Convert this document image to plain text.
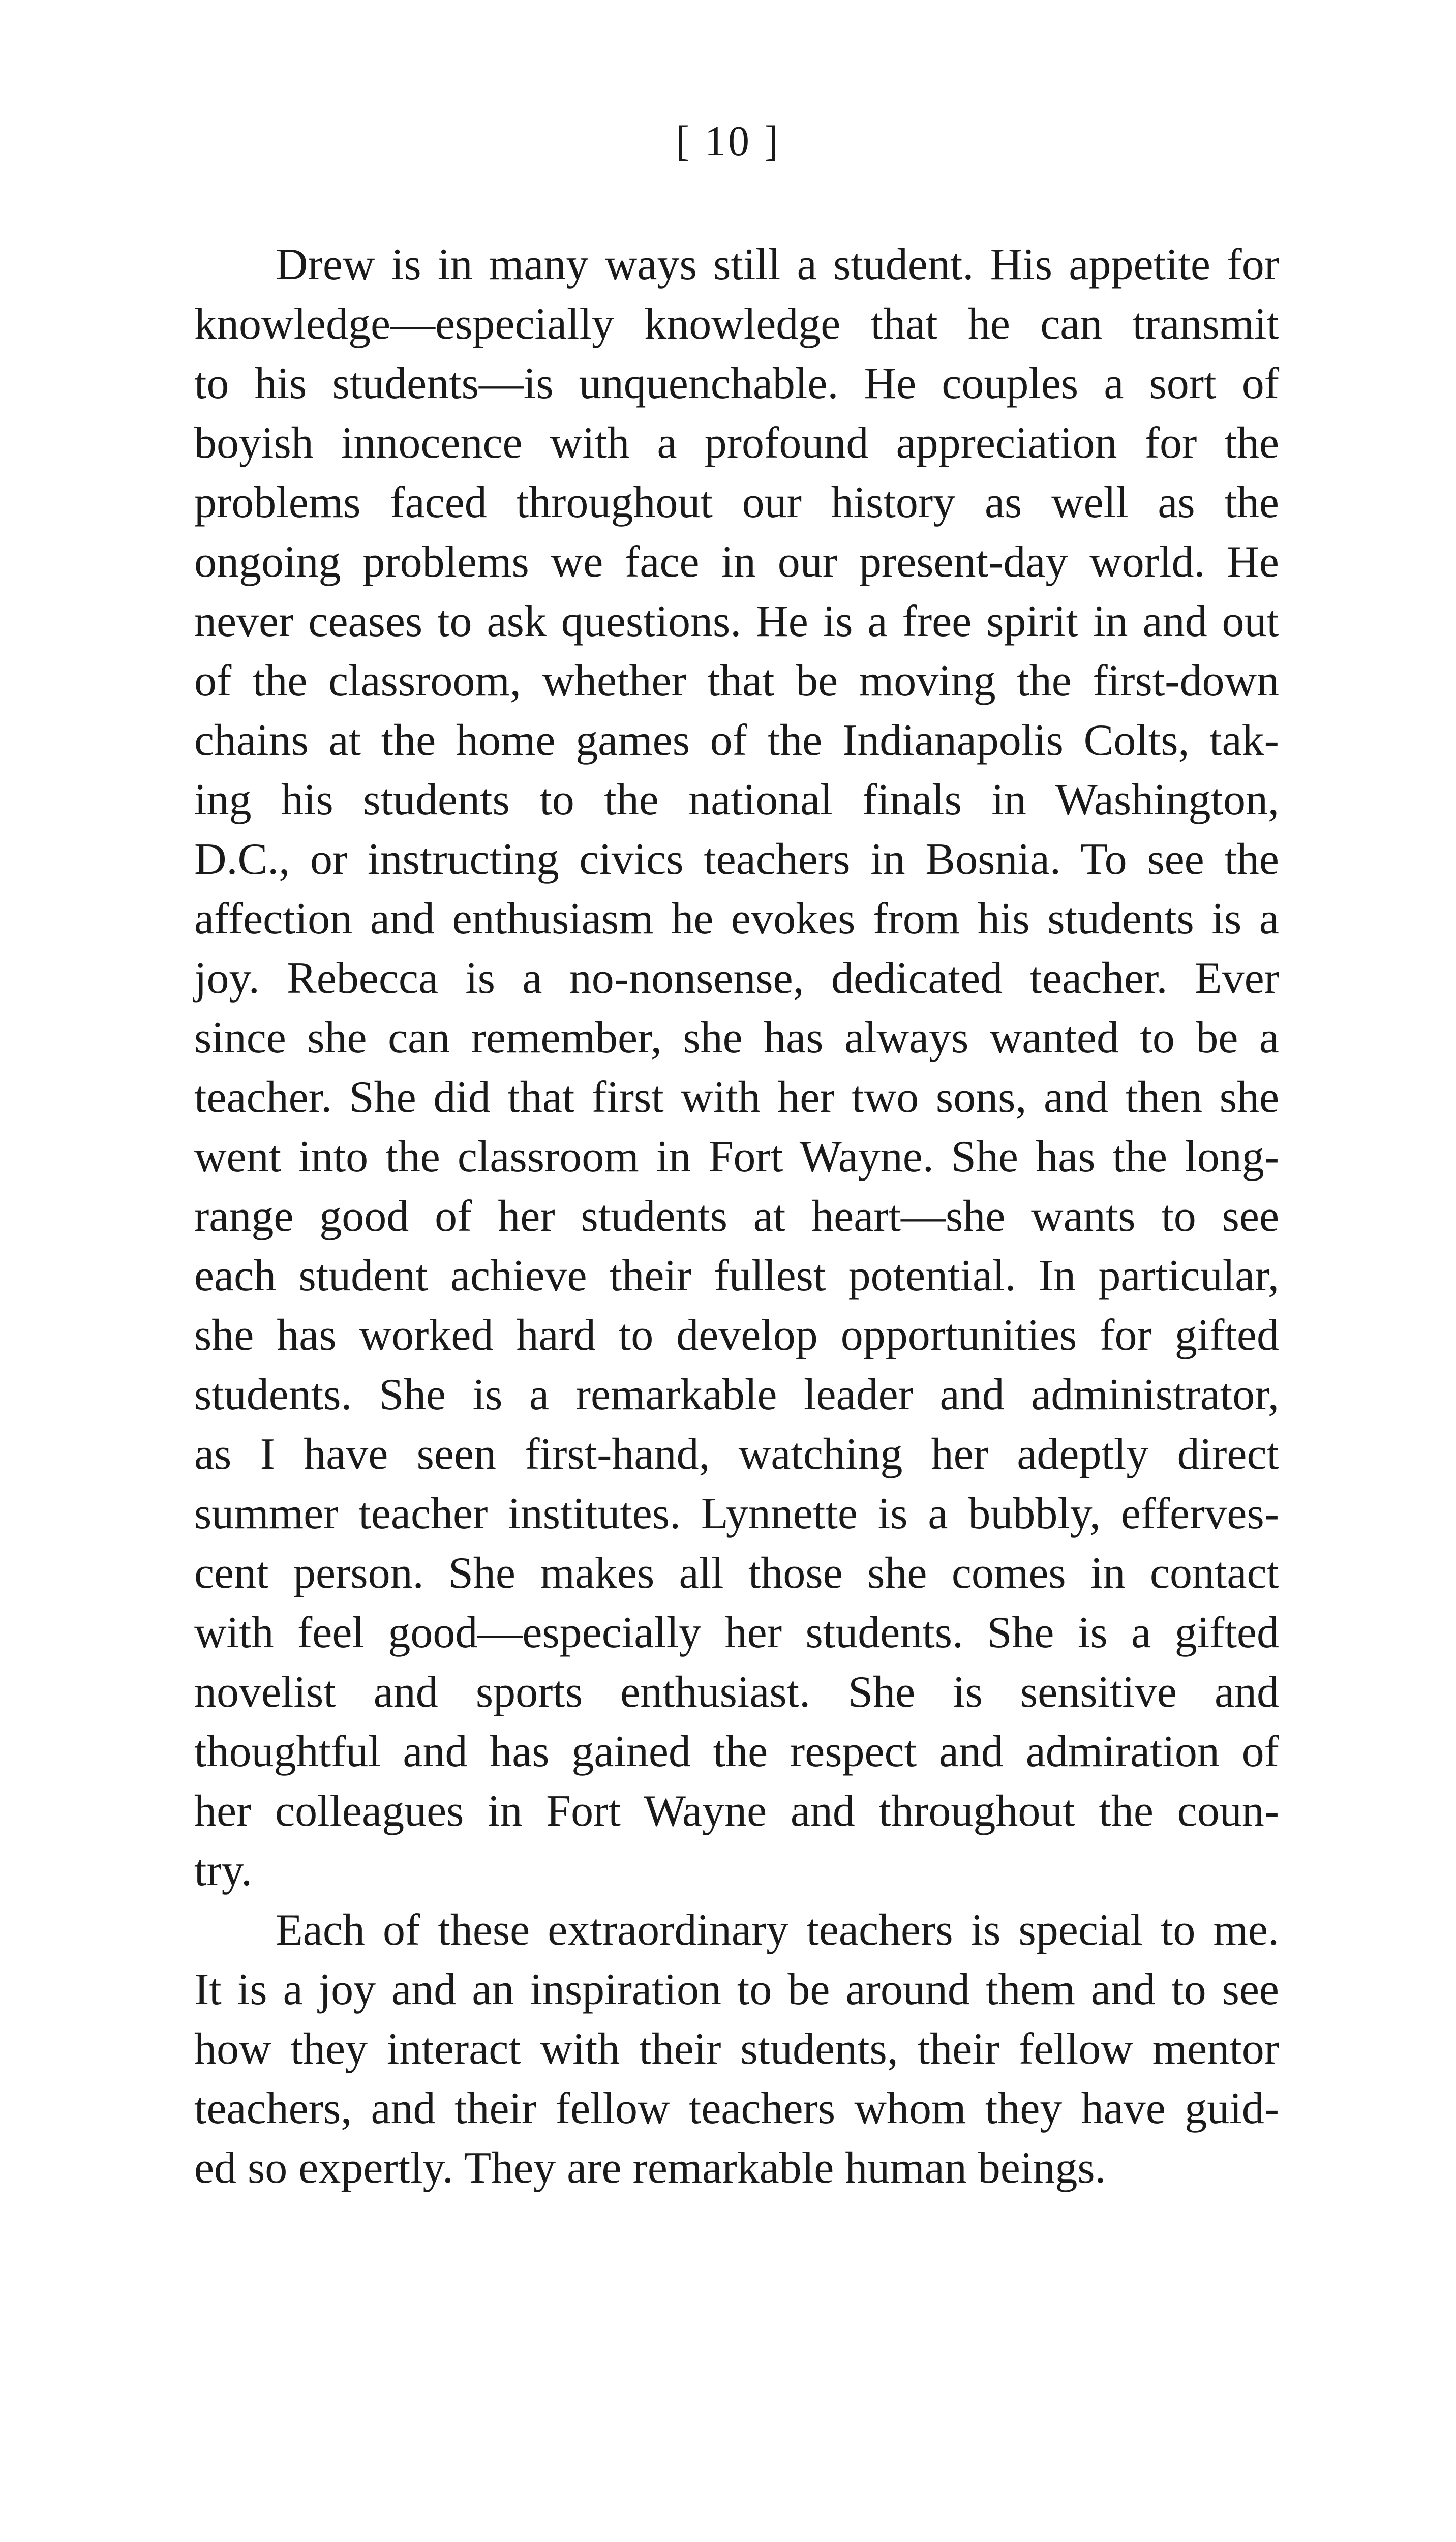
[ 10 ]
Drew is in many ways still a student. His appetite for
knowledge—especially knowledge that he can transmit
to his students—is unquenchable. He couples a sort of
boyish innocence with a profound appreciation for the
problems faced throughout our history as well as the
ongoing problems we face in our present-day world. He
never ceases to ask questions. He is a free spirit in and out
of the classroom, whether that be moving the first-down
chains at the home games of the Indianapolis Colts, tak-
ing his students to the national finals in Washington,
D.C., or instructing civics teachers in Bosnia. To see the
affection and enthusiasm he evokes from his students is a
joy. Rebecca is a no-nonsense, dedicated teacher. Ever
since she can remember, she has always wanted to be a
teacher. She did that first with her two sons, and then she
went into the classroom in Fort Wayne. She has the long-
range good of her students at heart—she wants to see
each student achieve their fullest potential. In particular,
she has worked hard to develop opportunities for gifted
students. She is a remarkable leader and administrator,
as I have seen first-hand, watching her adeptly direct
summer teacher institutes. Lynnette is a bubbly, efferves-
cent person. She makes all those she comes in contact
with feel good—especially her students. She is a gifted
novelist and sports enthusiast. She is sensitive and
thoughtful and has gained the respect and admiration of
her colleagues in Fort Wayne and throughout the coun-
try.
Each of these extraordinary teachers is special to me.
It is a joy and an inspiration to be around them and to see
how they interact with their students, their fellow mentor
teachers, and their fellow teachers whom they have guid-
ed so expertly. They are remarkable human beings.
